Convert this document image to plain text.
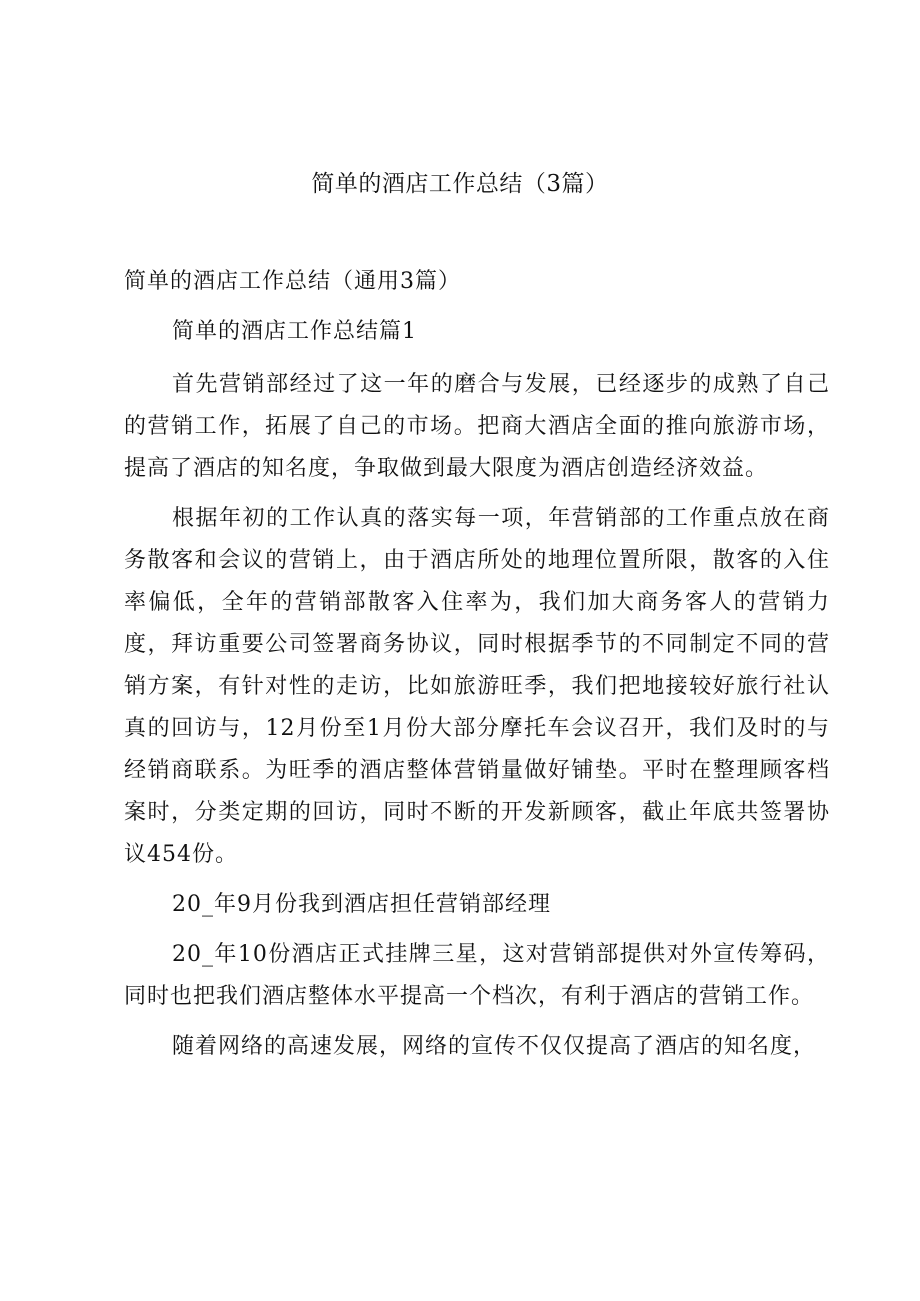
简单的酒店工作总结（3篇）

简单的酒店工作总结（通用3篇）

简单的酒店工作总结篇1

首先营销部经过了这一年的磨合与发展，已经逐步的成熟了自己的营销工作，拓展了自己的市场。把商大酒店全面的推向旅游市场，提高了酒店的知名度，争取做到最大限度为酒店创造经济效益。

根据年初的工作认真的落实每一项，年营销部的工作重点放在商务散客和会议的营销上，由于酒店所处的地理位置所限，散客的入住率偏低，全年的营销部散客入住率为，我们加大商务客人的营销力度，拜访重要公司签署商务协议，同时根据季节的不同制定不同的营销方案，有针对性的走访，比如旅游旺季，我们把地接较好旅行社认真的回访与，12月份至1月份大部分摩托车会议召开，我们及时的与经销商联系。为旺季的酒店整体营销量做好铺垫。平时在整理顾客档案时，分类定期的回访，同时不断的开发新顾客，截止年底共签署协议454份。

20_年9月份我到酒店担任营销部经理

20_年10份酒店正式挂牌三星，这对营销部提供对外宣传筹码，同时也把我们酒店整体水平提高一个档次，有利于酒店的营销工作。

随着网络的高速发展，网络的宣传不仅仅提高了酒店的知名度，
